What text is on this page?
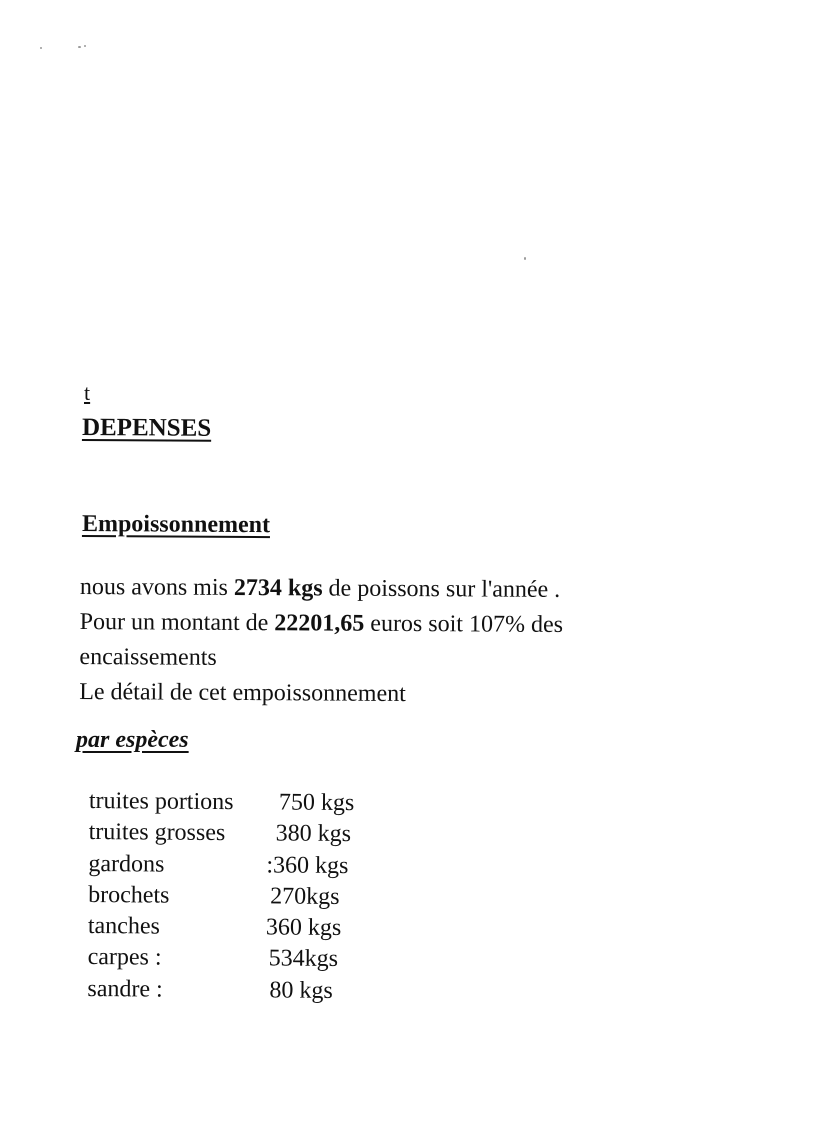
t
DEPENSES
Empoissonnement
nous avons mis 2734 kgs de poissons sur l'année .
Pour un montant de 22201,65 euros soit 107% des
encaissements
Le détail de cet empoissonnement
par espèces
truites portions 750 kgs
truites grosses 380 kgs
gardons	:360 kgs
brochets	270kgs
tanches	360 kgs
carpes :	534kgs
sandre :	80 kgs
